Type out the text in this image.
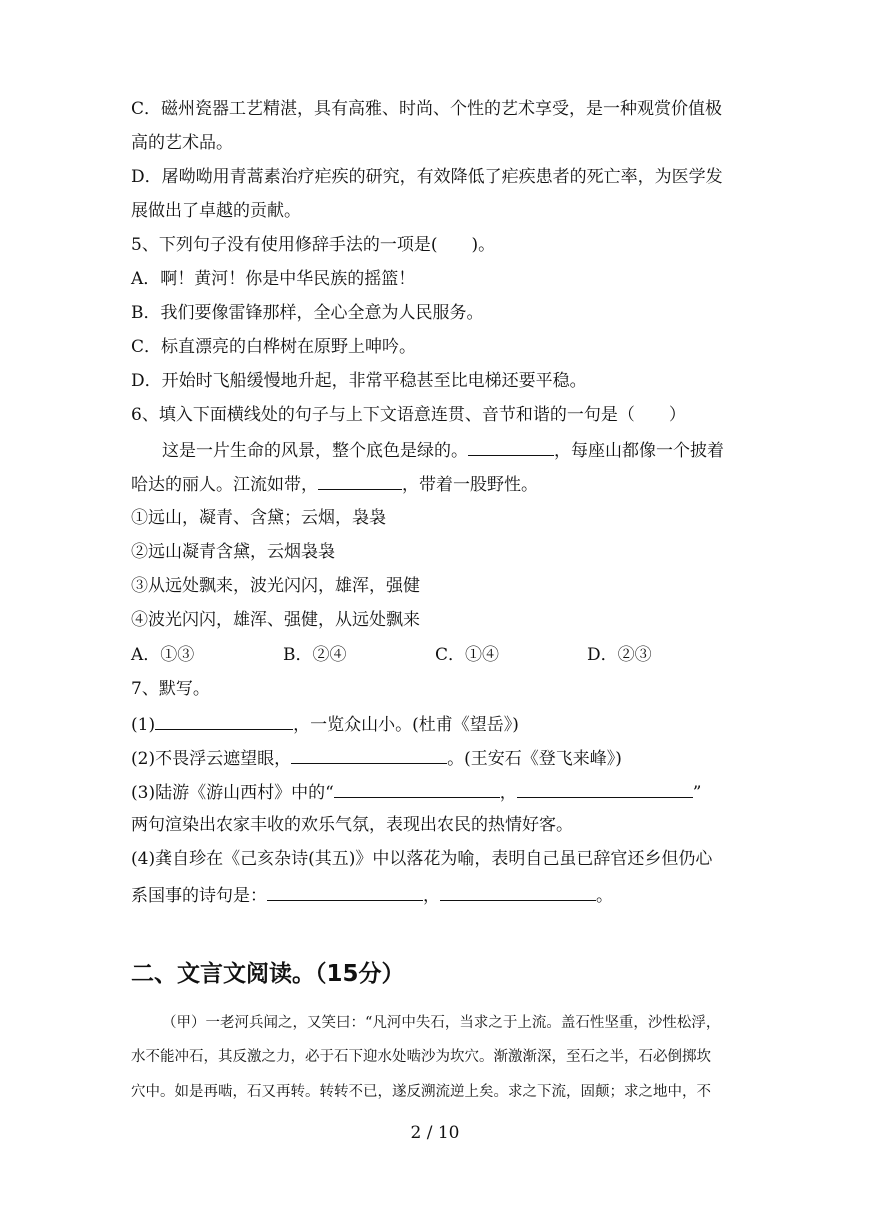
C．磁州瓷器工艺精湛，具有高雅、时尚、个性的艺术享受，是一种观赏价值极
高的艺术品。
D．屠呦呦用青蒿素治疗疟疾的研究，有效降低了疟疾患者的死亡率，为医学发
展做出了卓越的贡献。
5、下列句子没有使用修辞手法的一项是(　　)。
A．啊！黄河！你是中华民族的摇篮！
B．我们要像雷锋那样，全心全意为人民服务。
C．标直漂亮的白桦树在原野上呻吟。
D．开始时飞船缓慢地升起，非常平稳甚至比电梯还要平稳。
6、填入下面横线处的句子与上下文语意连贯、音节和谐的一句是（　　）
这是一片生命的风景，整个底色是绿的。	，每座山都像一个披着
哈达的丽人。江流如带，	，带着一股野性。
①远山，凝青、含黛；云烟，袅袅
②远山凝青含黛，云烟袅袅
③从远处飘来，波光闪闪，雄浑，强健
④波光闪闪，雄浑、强健，从远处飘来
A．①③	B．②④	C．①④	D．②③
7、默写。
(1)	，一览众山小。(杜甫《望岳》)
(2)不畏浮云遮望眼，	。(王安石《登飞来峰》)
(3)陆游《游山西村》中的“	，	”
两句渲染出农家丰收的欢乐气氛，表现出农民的热情好客。
(4)龚自珍在《己亥杂诗(其五)》中以落花为喻，表明自己虽已辞官还乡但仍心
系国事的诗句是：	，	。
二、文言文阅读。（15分）
（甲）一老河兵闻之，又笑曰：“凡河中失石，当求之于上流。盖石性坚重，沙性松浮，
水不能冲石，其反激之力，必于石下迎水处啮沙为坎穴。渐激渐深，至石之半，石必倒掷坎
穴中。如是再啮，石又再转。转转不已，遂反溯流逆上矣。求之下流，固颠；求之地中，不
2 / 10
